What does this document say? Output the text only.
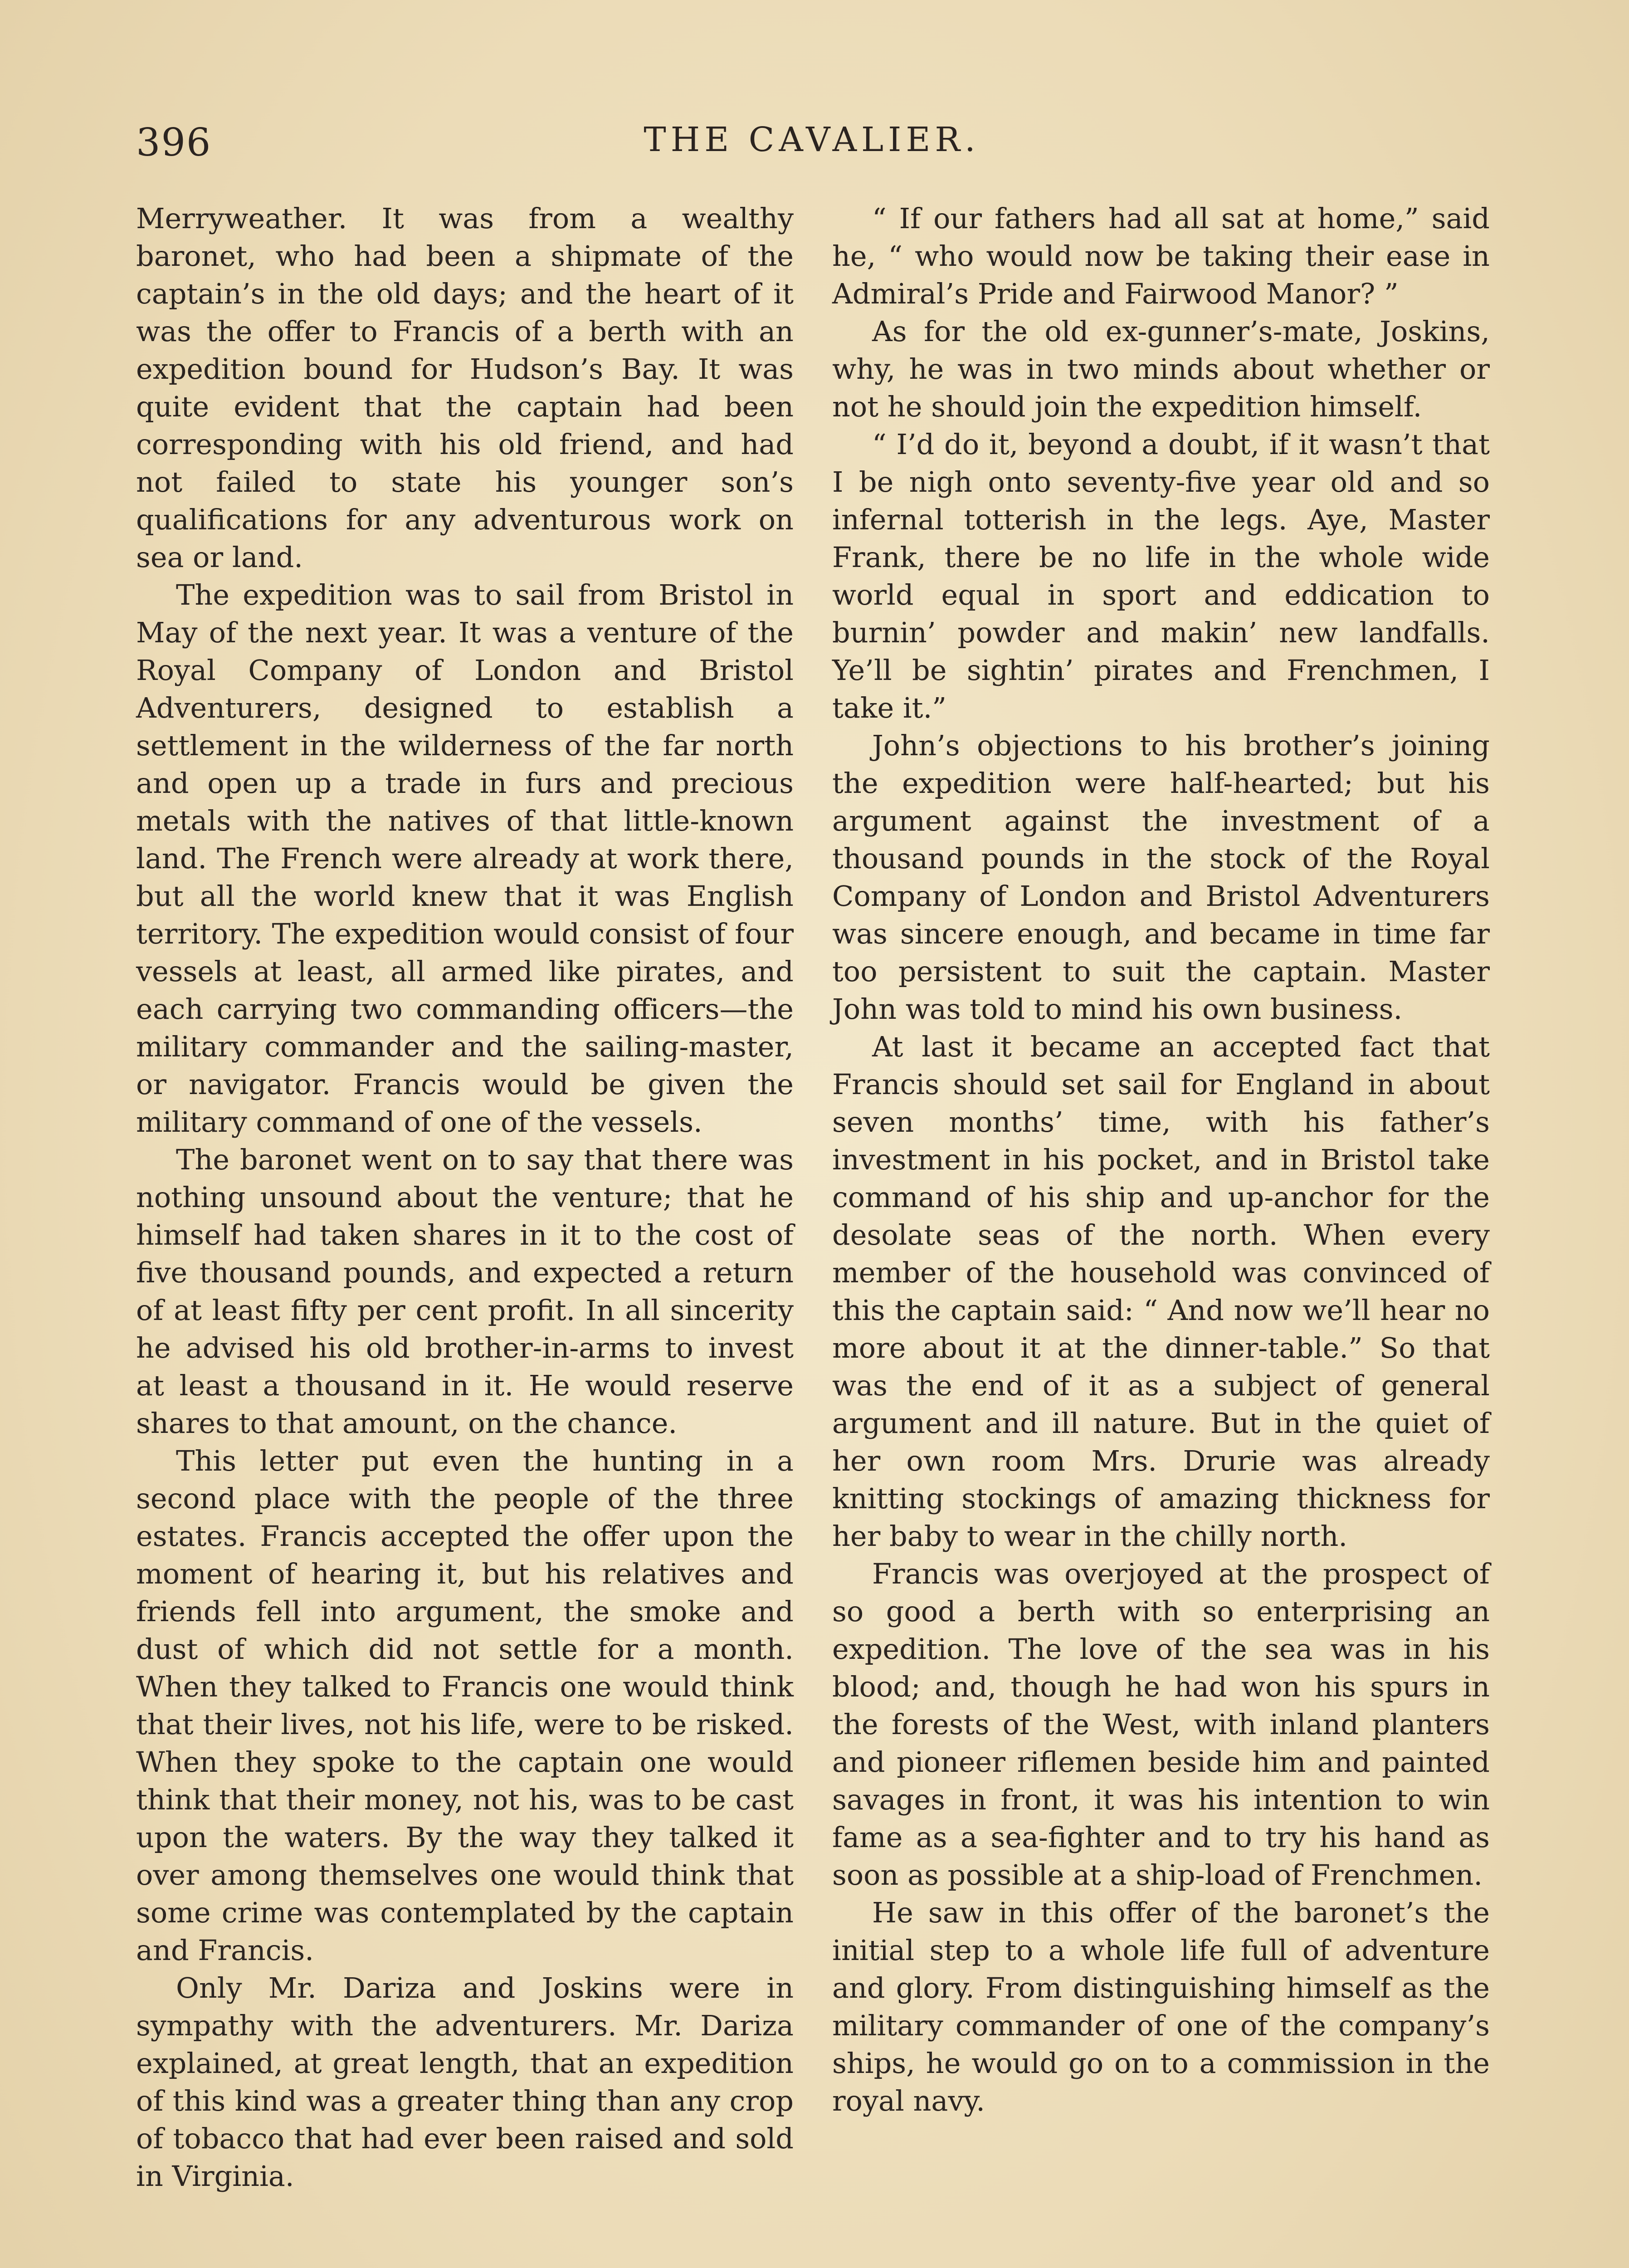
396	THE CAVALIER.

Merryweather. It was from a wealthy baronet, who had been a shipmate of the captain’s in the old days; and the heart of it was the offer to Francis of a berth with an expedition bound for Hudson’s Bay. It was quite evident that the captain had been corresponding with his old friend, and had not failed to state his younger son’s qualifications for any adventurous work on sea or land.

The expedition was to sail from Bristol in May of the next year. It was a venture of the Royal Company of London and Bristol Adventurers, designed to establish a settlement in the wilderness of the far north and open up a trade in furs and precious metals with the natives of that little-known land. The French were already at work there, but all the world knew that it was English territory. The expedition would consist of four vessels at least, all armed like pirates, and each carrying two commanding officers—the military commander and the sailing-master, or navigator. Francis would be given the military command of one of the vessels.

The baronet went on to say that there was nothing unsound about the venture; that he himself had taken shares in it to the cost of five thousand pounds, and expected a return of at least fifty per cent profit. In all sincerity he advised his old brother-in-arms to invest at least a thousand in it. He would reserve shares to that amount, on the chance.

This letter put even the hunting in a second place with the people of the three estates. Francis accepted the offer upon the moment of hearing it, but his relatives and friends fell into argument, the smoke and dust of which did not settle for a month. When they talked to Francis one would think that their lives, not his life, were to be risked. When they spoke to the captain one would think that their money, not his, was to be cast upon the waters. By the way they talked it over among themselves one would think that some crime was contemplated by the captain and Francis.

Only Mr. Dariza and Joskins were in sympathy with the adventurers. Mr. Dariza explained, at great length, that an expedition of this kind was a greater thing than any crop of tobacco that had ever been raised and sold in Virginia.

“ If our fathers had all sat at home,” said he, “ who would now be taking their ease in Admiral’s Pride and Fairwood Manor? ”

As for the old ex-gunner’s-mate, Joskins, why, he was in two minds about whether or not he should join the expedition himself.

“ I’d do it, beyond a doubt, if it wasn’t that I be nigh onto seventy-five year old and so infernal totterish in the legs. Aye, Master Frank, there be no life in the whole wide world equal in sport and eddication to burnin’ powder and makin’ new landfalls. Ye’ll be sightin’ pirates and Frenchmen, I take it.”

John’s objections to his brother’s joining the expedition were half-hearted; but his argument against the investment of a thousand pounds in the stock of the Royal Company of London and Bristol Adventurers was sincere enough, and became in time far too persistent to suit the captain. Master John was told to mind his own business.

At last it became an accepted fact that Francis should set sail for England in about seven months’ time, with his father’s investment in his pocket, and in Bristol take command of his ship and up-anchor for the desolate seas of the north. When every member of the household was convinced of this the captain said: “ And now we’ll hear no more about it at the dinner-table.” So that was the end of it as a subject of general argument and ill nature. But in the quiet of her own room Mrs. Drurie was already knitting stockings of amazing thickness for her baby to wear in the chilly north.

Francis was overjoyed at the prospect of so good a berth with so enterprising an expedition. The love of the sea was in his blood; and, though he had won his spurs in the forests of the West, with inland planters and pioneer riflemen beside him and painted savages in front, it was his intention to win fame as a sea-fighter and to try his hand as soon as possible at a ship-load of Frenchmen.

He saw in this offer of the baronet’s the initial step to a whole life full of adventure and glory. From distinguishing himself as the military commander of one of the company’s ships, he would go on to a commission in the royal navy.
